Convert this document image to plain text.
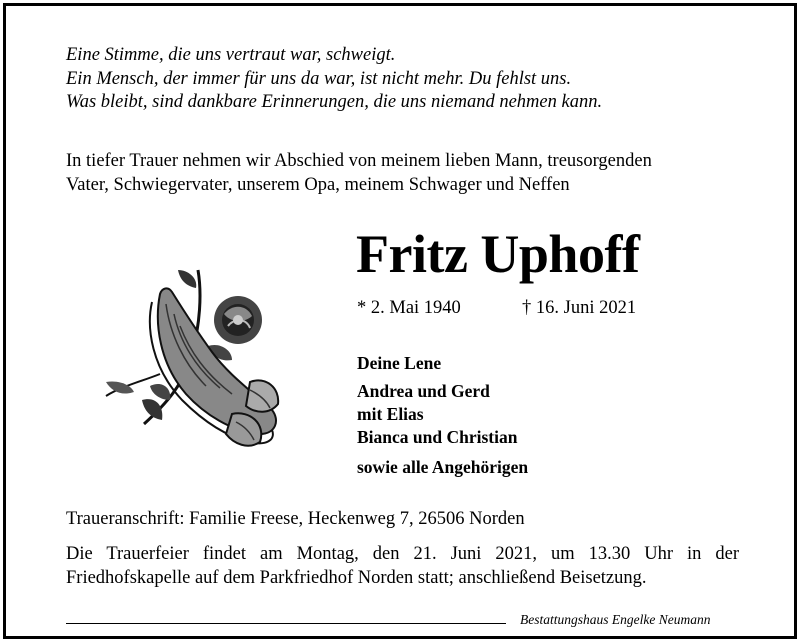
Eine Stimme, die uns vertraut war, schweigt.
Ein Mensch, der immer für uns da war, ist nicht mehr. Du fehlst uns.
Was bleibt, sind dankbare Erinnerungen, die uns niemand nehmen kann.
In tiefer Trauer nehmen wir Abschied von meinem lieben Mann, treusorgenden
Vater, Schwiegervater, unserem Opa, meinem Schwager und Neffen
Fritz Uphoff
* 2. Mai 1940	† 16. Juni 2021
Deine Lene
Andrea und Gerd
mit Elias
Bianca und Christian
sowie alle Angehörigen
Traueranschrift: Familie Freese, Heckenweg 7, 26506 Norden
Die Trauerfeier findet am Montag, den 21. Juni 2021, um 13.30 Uhr in der Friedhofskapelle auf dem Parkfriedhof Norden statt; anschließend Beisetzung.
Bestattungshaus Engelke Neumann
